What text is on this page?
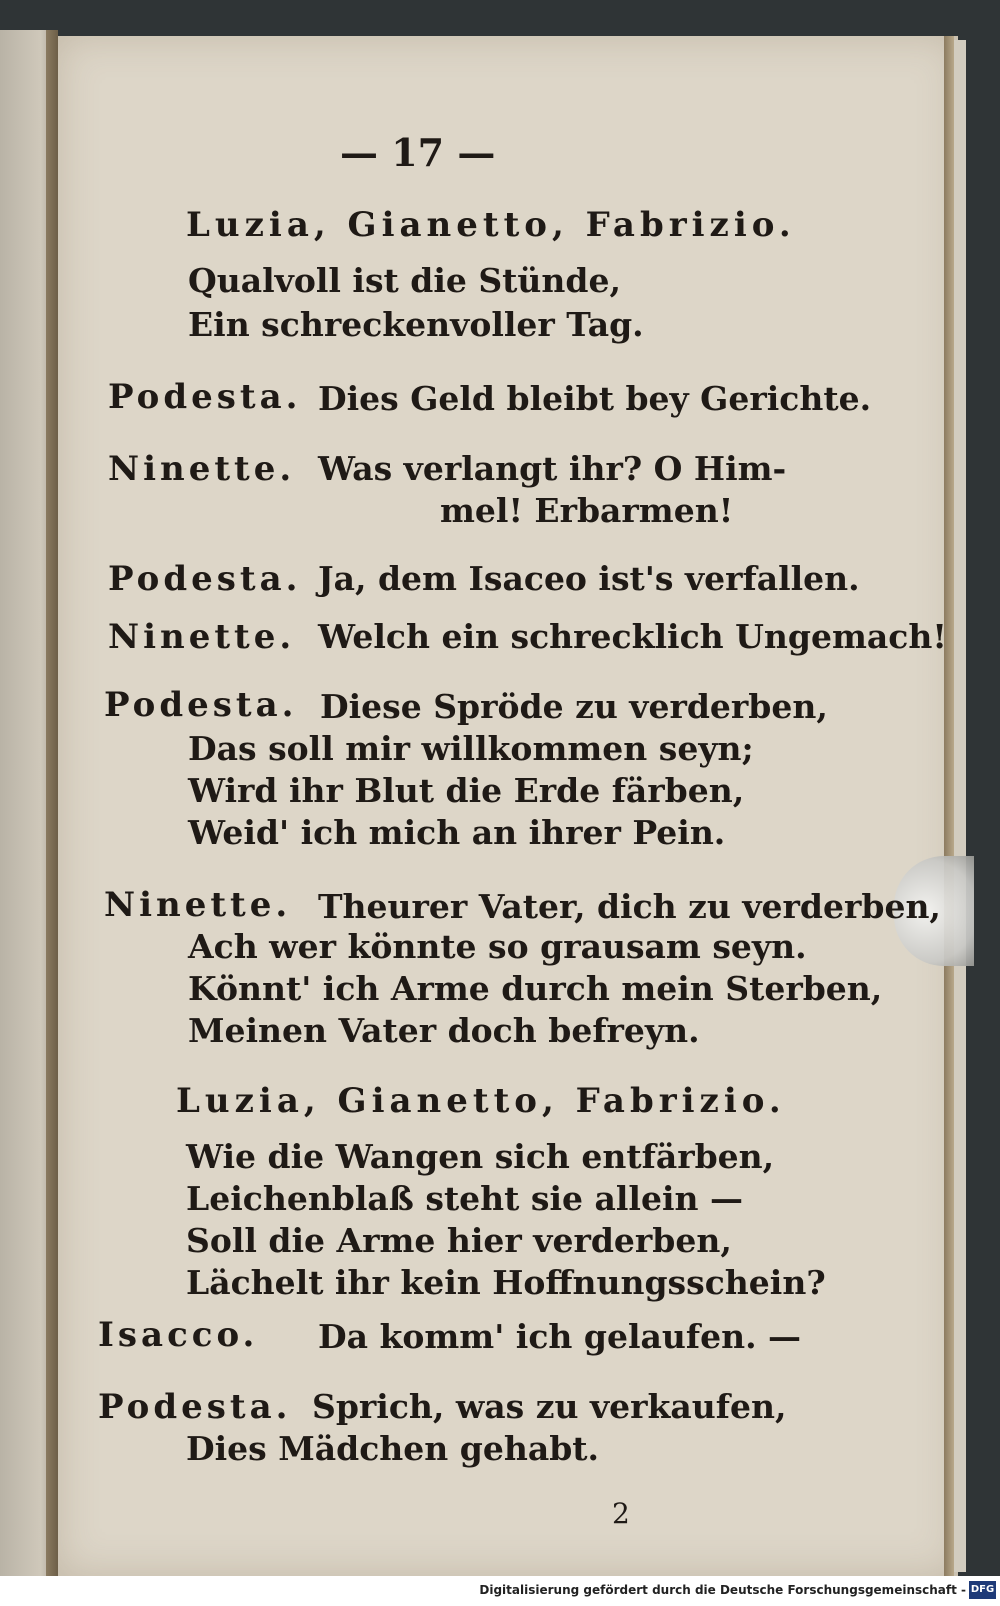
— 17 —
Luzia, Gianetto, Fabrizio.
Qualvoll ist die Stünde,
Ein schreckenvoller Tag.
Podesta. Dies Geld bleibt bey Gerichte.
Ninette. Was verlangt ihr? O Him-
mel! Erbarmen!
Podesta. Ja, dem Isaceo ist's verfallen.
Ninette. Welch ein schrecklich Ungemach!
Podesta. Diese Spröde zu verderben,
Das soll mir willkommen seyn;
Wird ihr Blut die Erde färben,
Weid' ich mich an ihrer Pein.
Ninette. Theurer Vater, dich zu verderben,
Ach wer könnte so grausam seyn.
Könnt' ich Arme durch mein Sterben,
Meinen Vater doch befreyn.
Luzia, Gianetto, Fabrizio.
Wie die Wangen sich entfärben,
Leichenblaß steht sie allein —
Soll die Arme hier verderben,
Lächelt ihr kein Hoffnungsschein?
Isacco. Da komm' ich gelaufen. —
Podesta. Sprich, was zu verkaufen,
Dies Mädchen gehabt.
2
Digitalisierung gefördert durch die Deutsche Forschungsgemeinschaft - DFG
